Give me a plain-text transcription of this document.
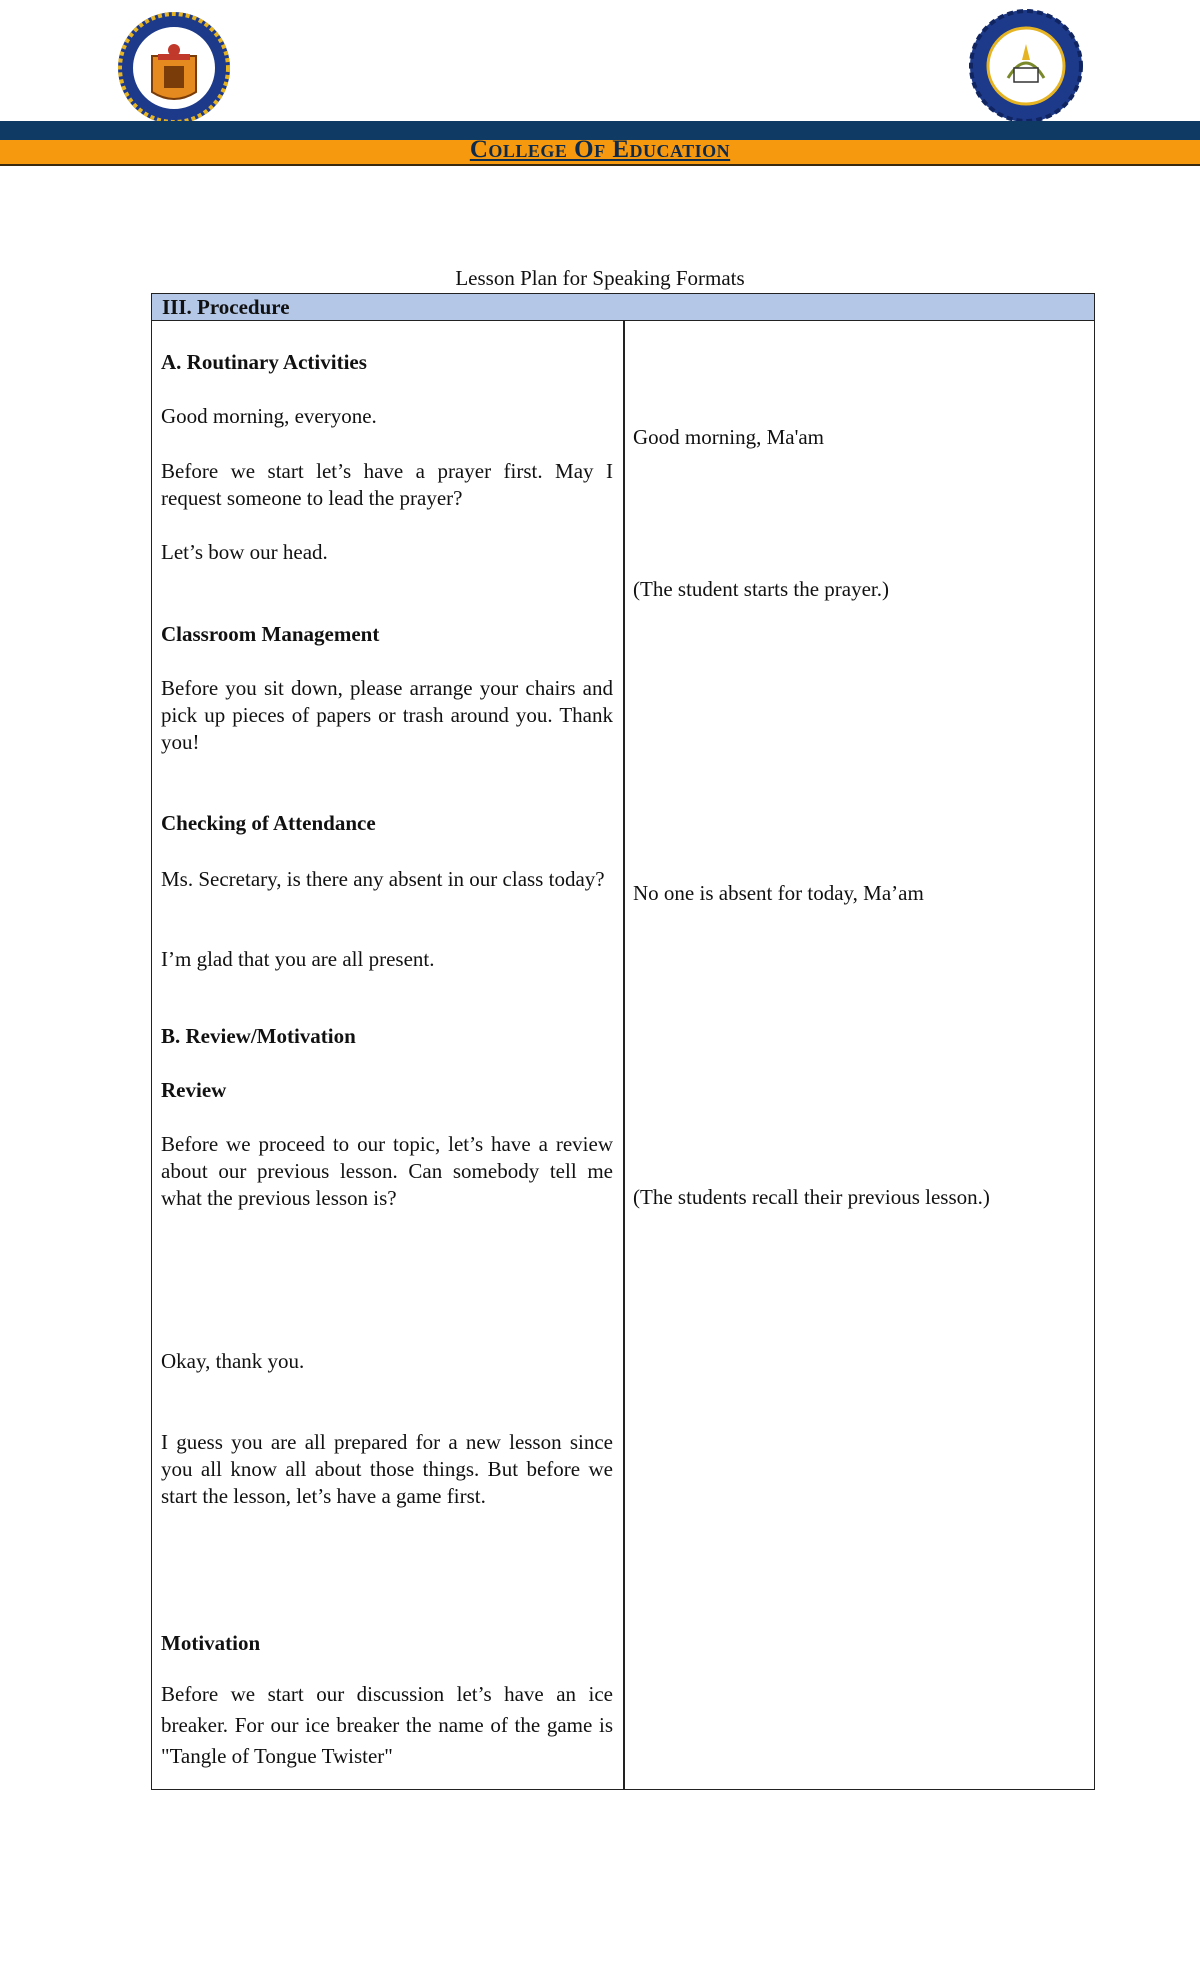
College Of Education
Lesson Plan for Speaking Formats
III. Procedure
A. Routinary Activities
Good morning, everyone.
Before we start let’s have a prayer first. May I request someone to lead the prayer?
Let’s bow our head.
Classroom Management
Before you sit down, please arrange your chairs and pick up pieces of papers or trash around you. Thank you!
Checking of Attendance
Ms. Secretary, is there any absent in our class today?
I’m glad that you are all present.
B. Review/Motivation
Review
Before we proceed to our topic, let’s have a review about our previous lesson. Can somebody tell me what the previous lesson is?
Okay, thank you.
I guess you are all prepared for a new lesson since you all know all about those things. But before we start the lesson, let’s have a game first.
Motivation
Before we start our discussion let’s have an ice breaker. For our ice breaker the name of the game is "Tangle of Tongue Twister"
Good morning, Ma'am
(The student starts the prayer.)
No one is absent for today, Ma’am
(The students recall their previous lesson.)
